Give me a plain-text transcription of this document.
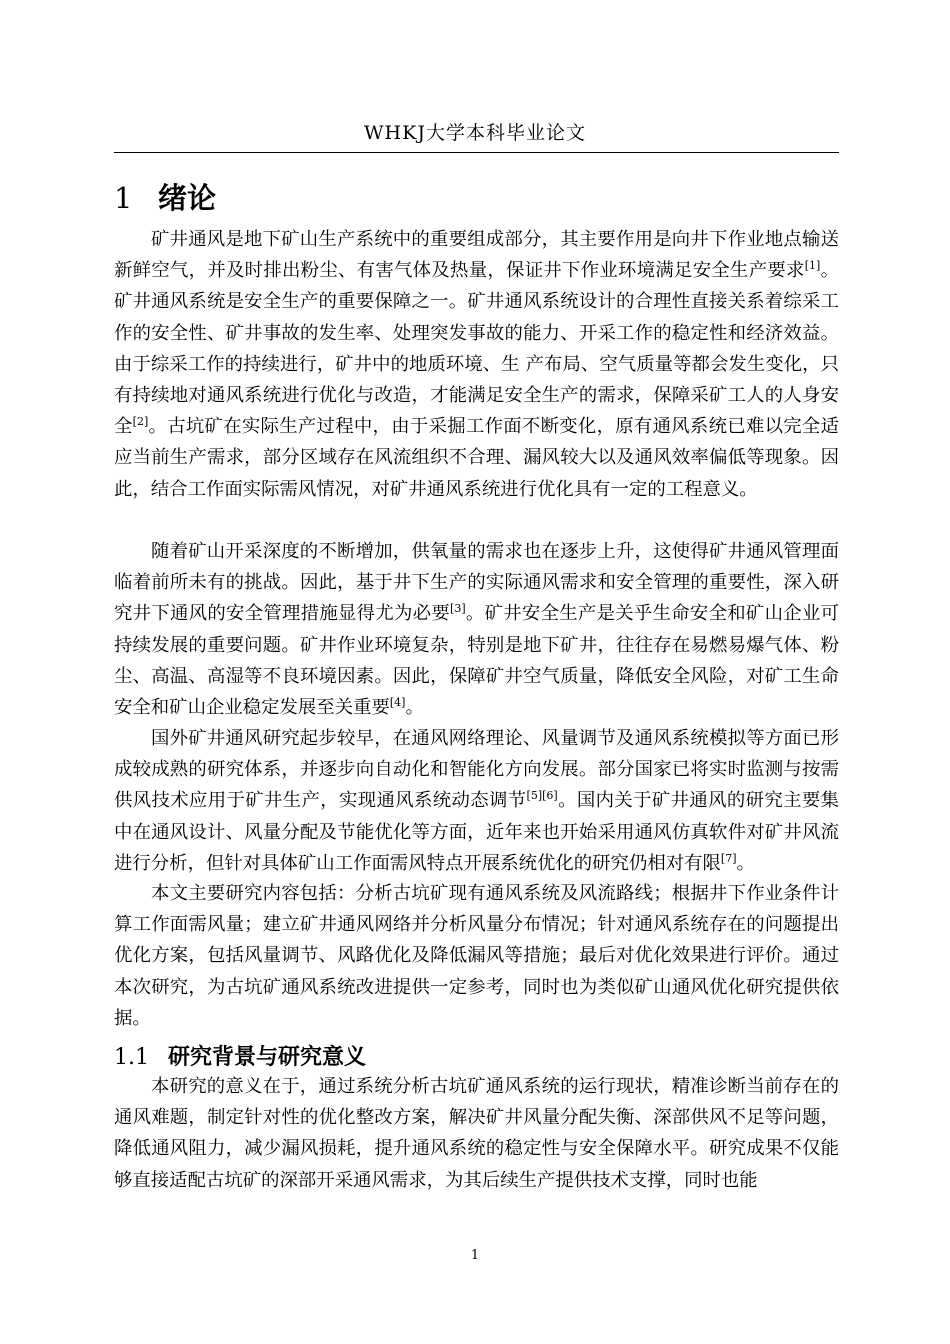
WHKJ大学本科毕业论文
1 绪论
矿井通风是地下矿山生产系统中的重要组成部分，其主要作用是向井下作业地点输送新鲜空气，并及时排出粉尘、有害气体及热量，保证井下作业环境满足安全生产要求[1]。矿井通风系统是安全生产的重要保障之一。矿井通风系统设计的合理性直接关系着综采工作的安全性、矿井事故的发生率、处理突发事故的能力、开采工作的稳定性和经济效益。由于综采工作的持续进行，矿井中的地质环境、生 产布局、空气质量等都会发生变化，只有持续地对通风系统进行优化与改造，才能满足安全生产的需求，保障采矿工人的人身安全[2]。古坑矿在实际生产过程中，由于采掘工作面不断变化，原有通风系统已难以完全适应当前生产需求，部分区域存在风流组织不合理、漏风较大以及通风效率偏低等现象。因此，结合工作面实际需风情况，对矿井通风系统进行优化具有一定的工程意义。
随着矿山开采深度的不断增加，供氧量的需求也在逐步上升，这使得矿井通风管理面临着前所未有的挑战。因此，基于井下生产的实际通风需求和安全管理的重要性，深入研究井下通风的安全管理措施显得尤为必要[3]。矿井安全生产是关乎生命安全和矿山企业可持续发展的重要问题。矿井作业环境复杂，特别是地下矿井，往往存在易燃易爆气体、粉尘、高温、高湿等不良环境因素。因此，保障矿井空气质量，降低安全风险，对矿工生命安全和矿山企业稳定发展至关重要[4]。
国外矿井通风研究起步较早，在通风网络理论、风量调节及通风系统模拟等方面已形成较成熟的研究体系，并逐步向自动化和智能化方向发展。部分国家已将实时监测与按需供风技术应用于矿井生产，实现通风系统动态调节[5][6]。国内关于矿井通风的研究主要集中在通风设计、风量分配及节能优化等方面，近年来也开始采用通风仿真软件对矿井风流进行分析，但针对具体矿山工作面需风特点开展系统优化的研究仍相对有限[7]。
本文主要研究内容包括：分析古坑矿现有通风系统及风流路线；根据井下作业条件计算工作面需风量；建立矿井通风网络并分析风量分布情况；针对通风系统存在的问题提出优化方案，包括风量调节、风路优化及降低漏风等措施；最后对优化效果进行评价。通过本次研究，为古坑矿通风系统改进提供一定参考，同时也为类似矿山通风优化研究提供依据。
1.1 研究背景与研究意义
本研究的意义在于，通过系统分析古坑矿通风系统的运行现状，精准诊断当前存在的通风难题，制定针对性的优化整改方案，解决矿井风量分配失衡、深部供风不足等问题，降低通风阻力，减少漏风损耗，提升通风系统的稳定性与安全保障水平。研究成果不仅能够直接适配古坑矿的深部开采通风需求，为其后续生产提供技术支撑，同时也能
1
